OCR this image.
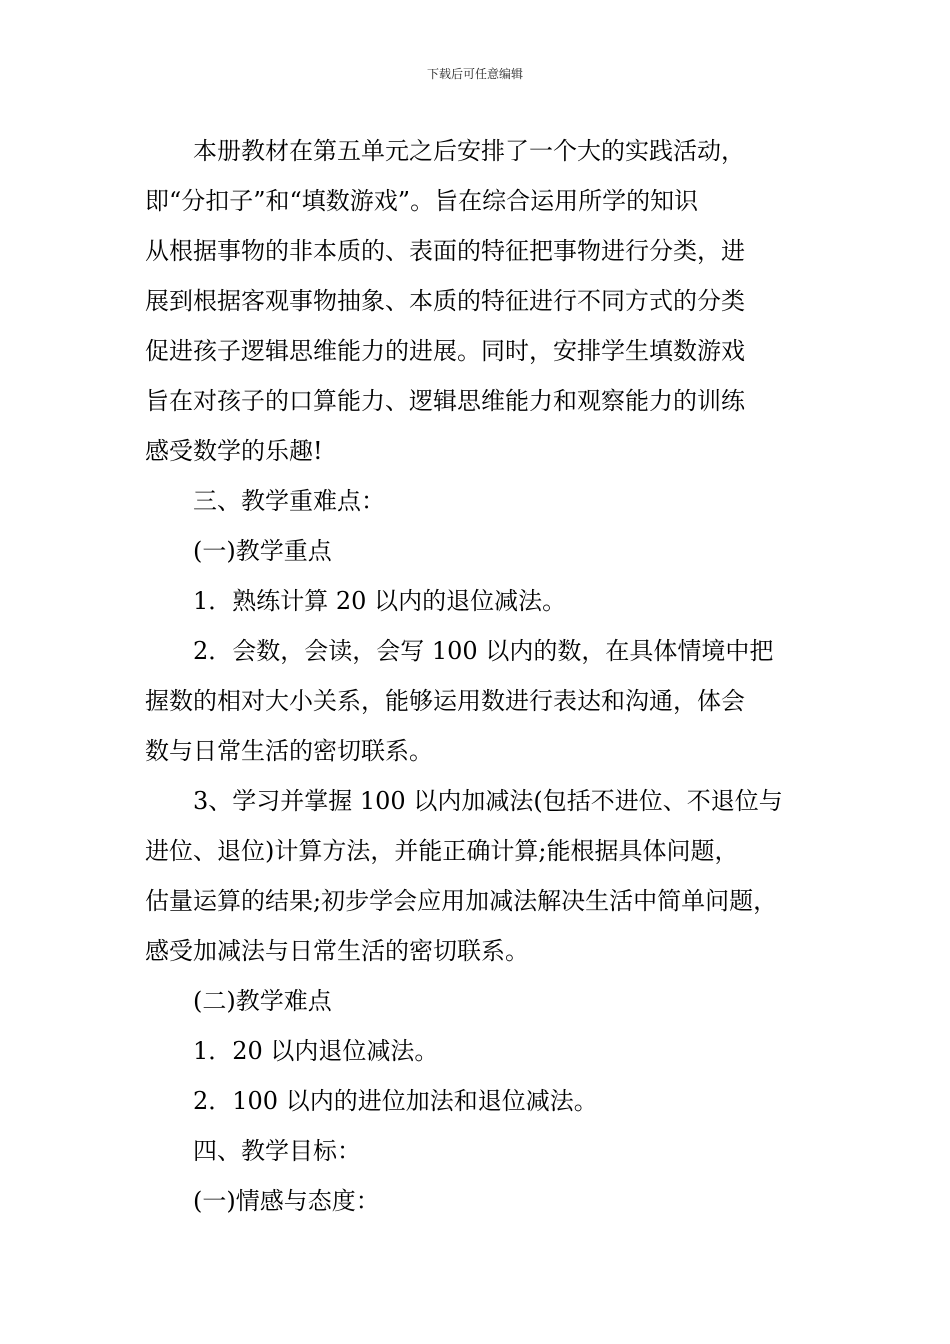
下载后可任意编辑

本册教材在第五单元之后安排了一个大的实践活动，

即“分扣子”和“填数游戏”。旨在综合运用所学的知识

从根据事物的非本质的、表面的特征把事物进行分类，进

展到根据客观事物抽象、本质的特征进行不同方式的分类

促进孩子逻辑思维能力的进展。同时，安排学生填数游戏

旨在对孩子的口算能力、逻辑思维能力和观察能力的训练

感受数学的乐趣!

三、教学重难点：

(一)教学重点

1．熟练计算 20 以内的退位减法。

2．会数，会读，会写 100 以内的数，在具体情境中把

握数的相对大小关系，能够运用数进行表达和沟通，体会

数与日常生活的密切联系。

3、学习并掌握 100 以内加减法(包括不进位、不退位与

进位、退位)计算方法，并能正确计算;能根据具体问题，

估量运算的结果;初步学会应用加减法解决生活中简单问题，

感受加减法与日常生活的密切联系。

(二)教学难点

1．20 以内退位减法。

2．100 以内的进位加法和退位减法。

四、教学目标：

(一)情感与态度：
